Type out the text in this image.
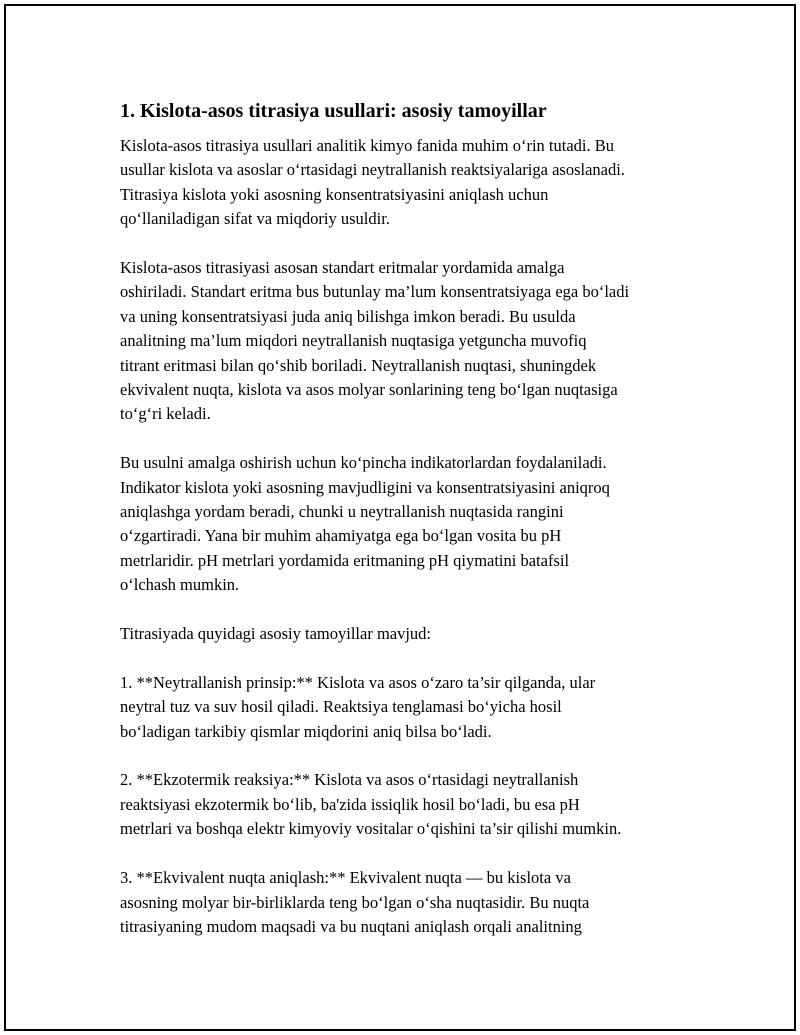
1. Kislota-asos titrasiya usullari: asosiy tamoyillar

Kislota-asos titrasiya usullari analitik kimyo fanida muhim o‘rin tutadi. Bu
usullar kislota va asoslar o‘rtasidagi neytrallanish reaktsiyalariga asoslanadi.
Titrasiya kislota yoki asosning konsentratsiyasini aniqlash uchun
qo‘llaniladigan sifat va miqdoriy usuldir.

Kislota-asos titrasiyasi asosan standart eritmalar yordamida amalga
oshiriladi. Standart eritma bus butunlay ma’lum konsentratsiyaga ega bo‘ladi
va uning konsentratsiyasi juda aniq bilishga imkon beradi. Bu usulda
analitning ma’lum miqdori neytrallanish nuqtasiga yetguncha muvofiq
titrant eritmasi bilan qo‘shib boriladi. Neytrallanish nuqtasi, shuningdek
ekvivalent nuqta, kislota va asos molyar sonlarining teng bo‘lgan nuqtasiga
to‘g‘ri keladi.

Bu usulni amalga oshirish uchun ko‘pincha indikatorlardan foydalaniladi.
Indikator kislota yoki asosning mavjudligini va konsentratsiyasini aniqroq
aniqlashga yordam beradi, chunki u neytrallanish nuqtasida rangini
o‘zgartiradi. Yana bir muhim ahamiyatga ega bo‘lgan vosita bu pH
metrlaridir. pH metrlari yordamida eritmaning pH qiymatini batafsil
o‘lchash mumkin.

Titrasiyada quyidagi asosiy tamoyillar mavjud:

1. **Neytrallanish prinsip:** Kislota va asos o‘zaro ta’sir qilganda, ular
neytral tuz va suv hosil qiladi. Reaktsiya tenglamasi bo‘yicha hosil
bo‘ladigan tarkibiy qismlar miqdorini aniq bilsa bo‘ladi.

2. **Ekzotermik reaksiya:** Kislota va asos o‘rtasidagi neytrallanish
reaktsiyasi ekzotermik bo‘lib, ba'zida issiqlik hosil bo‘ladi, bu esa pH
metrlari va boshqa elektr kimyoviy vositalar o‘qishini ta’sir qilishi mumkin.

3. **Ekvivalent nuqta aniqlash:** Ekvivalent nuqta — bu kislota va
asosning molyar bir-birliklarda teng bo‘lgan o‘sha nuqtasidir. Bu nuqta
titrasiyaning mudom maqsadi va bu nuqtani aniqlash orqali analitning
